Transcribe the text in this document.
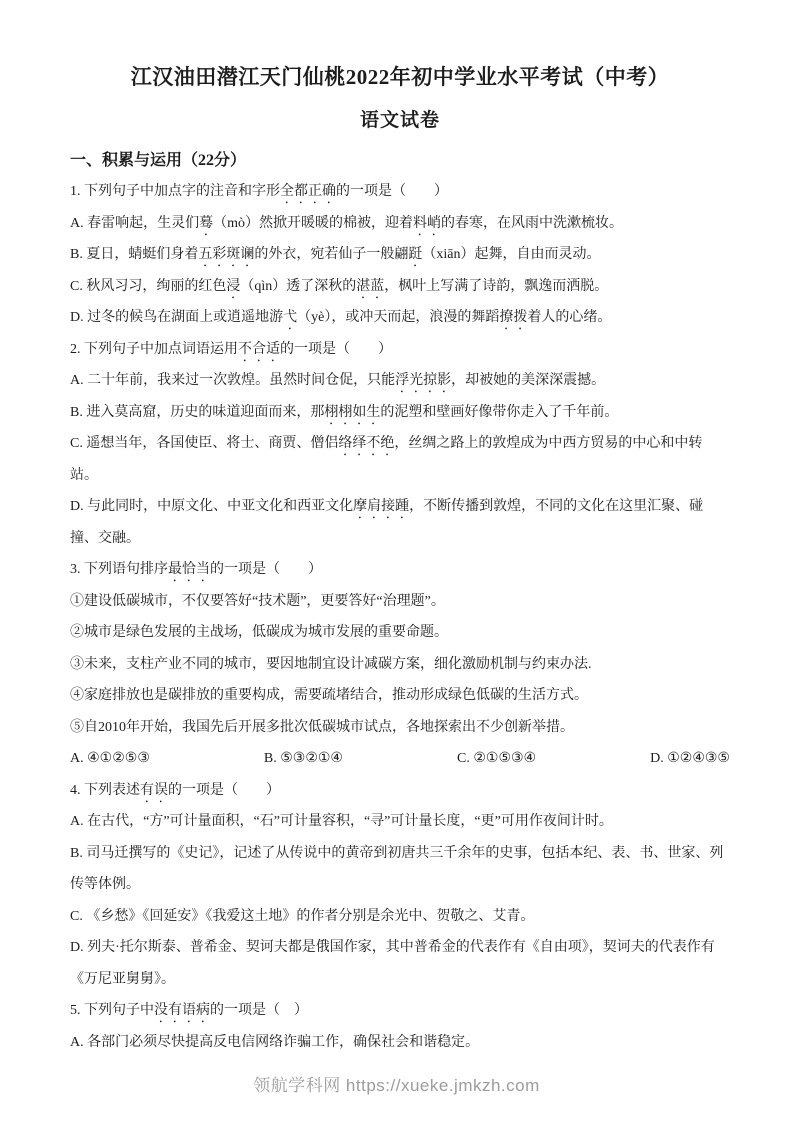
江汉油田潜江天门仙桃2022年初中学业水平考试（中考）
语文试卷
一、积累与运用（22分）

1. 下列句子中加点字的注音和字形全都正确的一项是（　　）

A. 春雷响起，生灵们蓦（mò）然掀开暖暖的棉被，迎着料峭的春寒，在风雨中洗漱梳妆。

B. 夏日，蜻蜓们身着五彩斑谰的外衣，宛若仙子一般翩跹（xiān）起舞，自由而灵动。

C. 秋风习习，绚丽的红色浸（qìn）透了深秋的湛蓝，枫叶上写满了诗韵，飘逸而洒脱。

D. 过冬的候鸟在湖面上或逍遥地游弋（yè），或冲天而起，浪漫的舞蹈撩拨着人的心绪。

2. 下列句子中加点词语运用不合适的一项是（　　）

A. 二十年前，我来过一次敦煌。虽然时间仓促，只能浮光掠影，却被她的美深深震撼。

B. 进入莫高窟，历史的味道迎面而来，那栩栩如生的泥塑和壁画好像带你走入了千年前。

C. 遥想当年，各国使臣、将士、商贾、僧侣络绎不绝，丝绸之路上的敦煌成为中西方贸易的中心和中转站。

D. 与此同时，中原文化、中亚文化和西亚文化摩肩接踵，不断传播到敦煌，不同的文化在这里汇聚、碰撞、交融。

3. 下列语句排序最恰当的一项是（　　）

①建设低碳城市，不仅要答好“技术题”，更要答好“治理题”。

②城市是绿色发展的主战场，低碳成为城市发展的重要命题。

③未来，支柱产业不同的城市，要因地制宜设计减碳方案，细化激励机制与约束办法.

④家庭排放也是碳排放的重要构成，需要疏堵结合，推动形成绿色低碳的生活方式。

⑤自2010年开始，我国先后开展多批次低碳城市试点，各地探索出不少创新举措。

A. ④①②⑤③	B. ⑤③②①④	C. ②①⑤③④	D. ①②④③⑤

4. 下列表述有误的一项是（　　）

A. 在古代，“方”可计量面积，“石”可计量容积，“寻”可计量长度，“更”可用作夜间计时。

B. 司马迁撰写的《史记》，记述了从传说中的黄帝到初唐共三千余年的史事，包括本纪、表、书、世家、列传等体例。

C. 《乡愁》《回延安》《我爱这土地》的作者分别是余光中、贺敬之、艾青。

D. 列夫·托尔斯泰、普希金、契诃夫都是俄国作家，其中普希金的代表作有《自由项》，契诃夫的代表作有《万尼亚舅舅》。

5. 下列句子中没有语病的一项是（　）

A. 各部门必须尽快提高反电信网络诈骗工作，确保社会和谐稳定。

领航学科网 https://xueke.jmkzh.com
